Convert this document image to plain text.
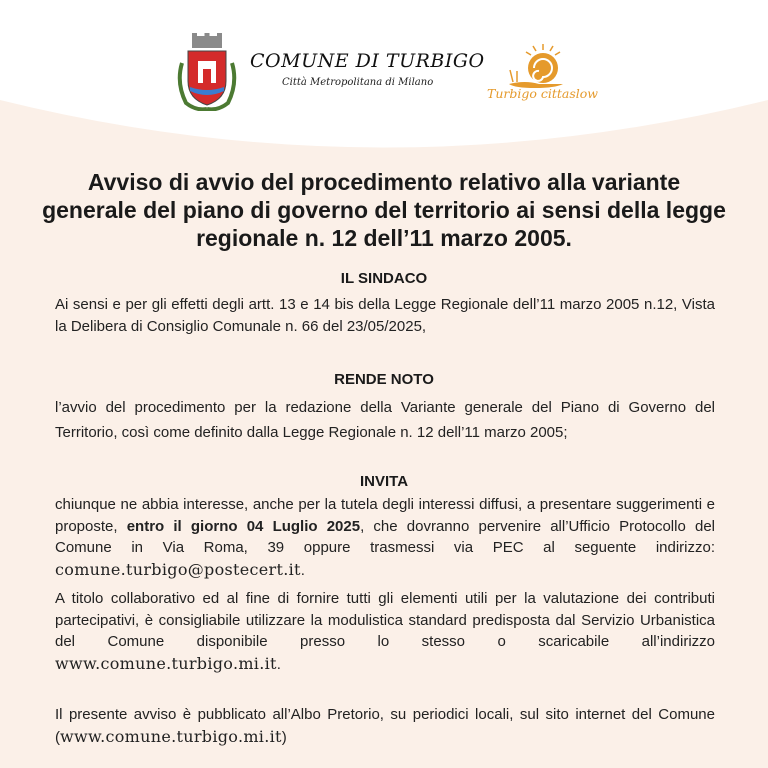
COMUNE DI TURBIGO
Città Metropolitana di Milano
Turbigo cittaslow
Avviso di avvio del procedimento relativo alla variante generale del piano di governo del territorio ai sensi della legge regionale n. 12 dell’11 marzo 2005.
IL SINDACO
Ai sensi e per gli effetti degli artt. 13 e 14 bis della Legge Regionale dell’11 marzo 2005 n.12, Vista la Delibera di Consiglio Comunale n. 66 del 23/05/2025,
RENDE NOTO
l’avvio del procedimento per la redazione della Variante generale del Piano di Governo del Territorio, così come definito dalla Legge Regionale n. 12 dell’11 marzo 2005;
INVITA
chiunque ne abbia interesse, anche per la tutela degli interessi diffusi, a presentare suggerimenti e proposte, entro il giorno 04 Luglio 2025, che dovranno pervenire all’Ufficio Protocollo del Comune in Via Roma, 39 oppure trasmessi via PEC al seguente indirizzo: comune.turbigo@postecert.it.
A titolo collaborativo ed al fine di fornire tutti gli elementi utili per la valutazione dei contributi partecipativi, è consigliabile utilizzare la modulistica standard predisposta dal Servizio Urbanistica del Comune disponibile presso lo stesso o scaricabile all’indirizzo www.comune.turbigo.mi.it.
Il presente avviso è pubblicato all’Albo Pretorio, su periodici locali, sul sito internet del Comune (www.comune.turbigo.mi.it)
